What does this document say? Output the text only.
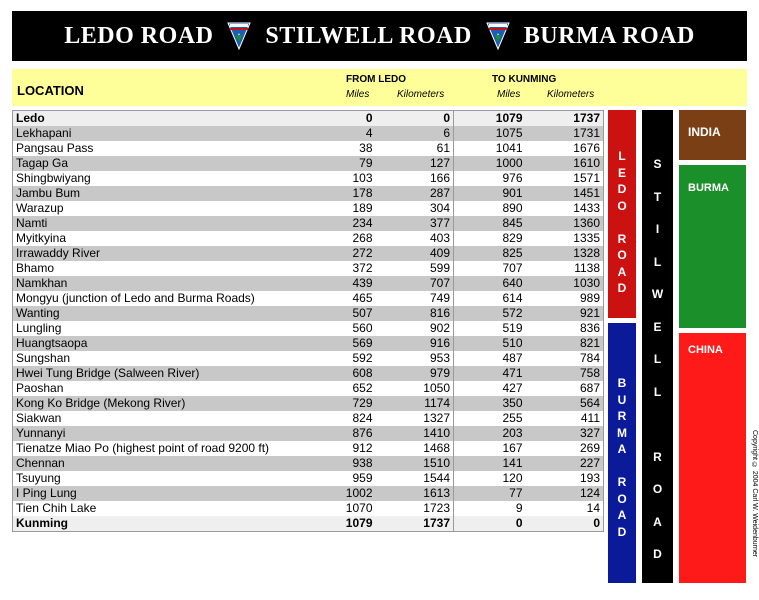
LEDO ROAD STILWELL ROAD BURMA ROAD
LOCATION
FROM LEDO	TO KUNMING
Miles	Kilometers	Miles	Kilometers
Ledo	0	0	1079	1737
Lekhapani	4	6	1075	1731
Pangsau Pass	38	61	1041	1676
Tagap Ga	79	127	1000	1610
Shingbwiyang	103	166	976	1571
Jambu Bum	178	287	901	1451
Warazup	189	304	890	1433
Namti	234	377	845	1360
Myitkyina	268	403	829	1335
Irrawaddy River	272	409	825	1328
Bhamo	372	599	707	1138
Namkhan	439	707	640	1030
Mongyu (junction of Ledo and Burma Roads)	465	749	614	989
Wanting	507	816	572	921
Lungling	560	902	519	836
Huangtsaopa	569	916	510	821
Sungshan	592	953	487	784
Hwei Tung Bridge (Salween River)	608	979	471	758
Paoshan	652	1050	427	687
Kong Ko Bridge (Mekong River)	729	1174	350	564
Siakwan	824	1327	255	411
Yunnanyi	876	1410	203	327
Tienatze Miao Po (highest point of road 9200 ft)	912	1468	167	269
Chennan	938	1510	141	227
Tsuyung	959	1544	120	193
I Ping Lung	1002	1613	77	124
Tien Chih Lake	1070	1723	9	14
Kunming	1079	1737	0	0
L
E
D
O
R
O
A
D
B
U
R
M
A
R
O
A
D
S
T
I
L
W
E
L
L
R
O
A
D
INDIA
BURMA
CHINA
Copyright © 2004 Carl W. Weidenburner
